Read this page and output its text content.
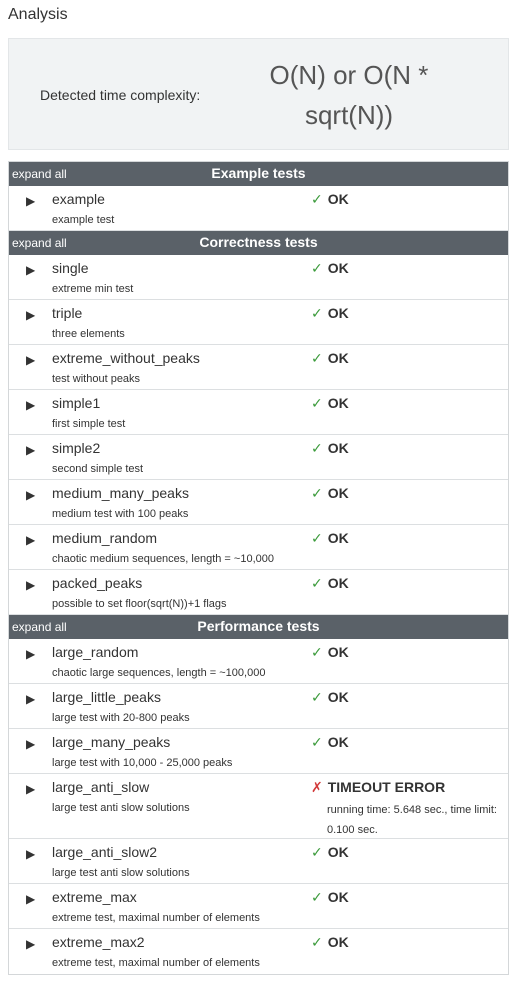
Analysis
Detected time complexity:
O(N) or O(N * sqrt(N))
expand all	Example tests
▶ example
example test
✓ OK
expand all	Correctness tests
▶ single
extreme min test
✓ OK
▶ triple
three elements
✓ OK
▶ extreme_without_peaks
test without peaks
✓ OK
▶ simple1
first simple test
✓ OK
▶ simple2
second simple test
✓ OK
▶ medium_many_peaks
medium test with 100 peaks
✓ OK
▶ medium_random
chaotic medium sequences, length = ~10,000
✓ OK
▶ packed_peaks
possible to set floor(sqrt(N))+1 flags
✓ OK
expand all	Performance tests
▶ large_random
chaotic large sequences, length = ~100,000
✓ OK
▶ large_little_peaks
large test with 20-800 peaks
✓ OK
▶ large_many_peaks
large test with 10,000 - 25,000 peaks
✓ OK
▶ large_anti_slow
large test anti slow solutions
✗ TIMEOUT ERROR
running time: 5.648 sec., time limit: 0.100 sec.
▶ large_anti_slow2
large test anti slow solutions
✓ OK
▶ extreme_max
extreme test, maximal number of elements
✓ OK
▶ extreme_max2
extreme test, maximal number of elements
✓ OK
